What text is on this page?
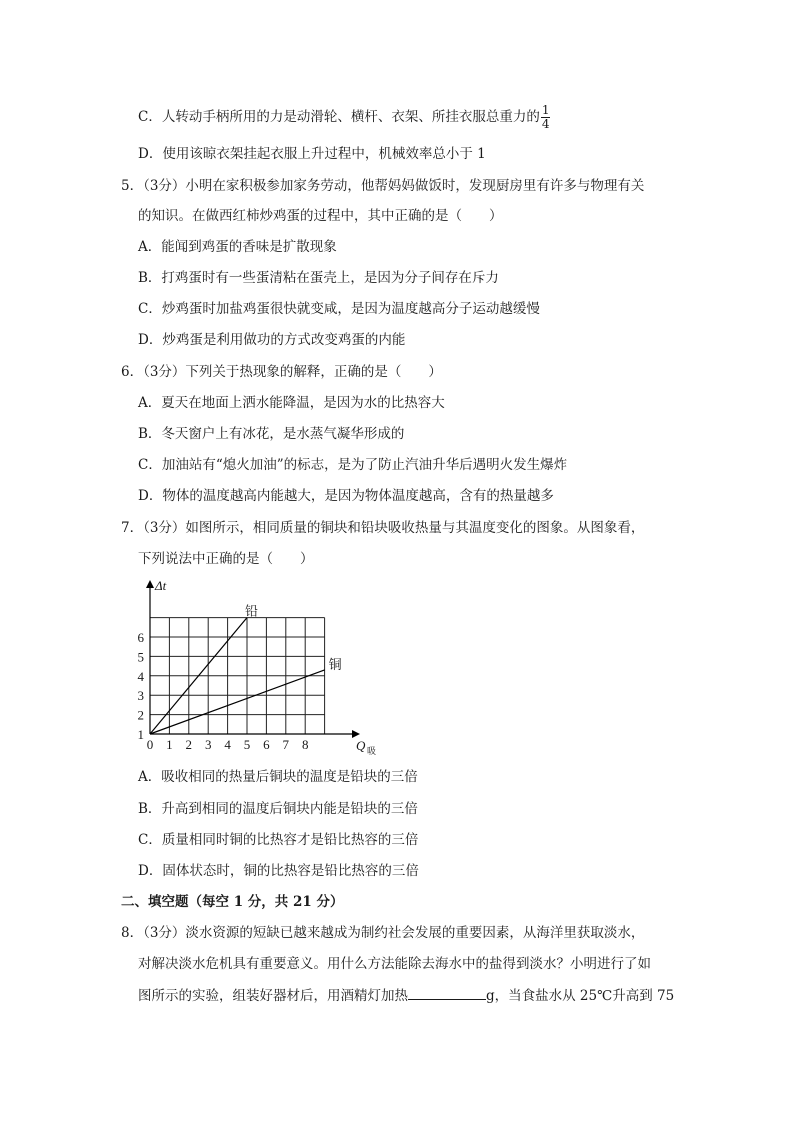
C．人转动手柄所用的力是动滑轮、横杆、衣架、所挂衣服总重力的 $\frac{1}{4}$
D．使用该晾衣架挂起衣服上升过程中，机械效率总小于 1
5．（3分）小明在家积极参加家务劳动，他帮妈妈做饭时，发现厨房里有许多与物理有关
的知识。在做西红柿炒鸡蛋的过程中，其中正确的是（　　）
A．能闻到鸡蛋的香味是扩散现象
B．打鸡蛋时有一些蛋清粘在蛋壳上，是因为分子间存在斥力
C．炒鸡蛋时加盐鸡蛋很快就变咸，是因为温度越高分子运动越缓慢
D．炒鸡蛋是利用做功的方式改变鸡蛋的内能
6．（3分）下列关于热现象的解释，正确的是（　　）
A．夏天在地面上洒水能降温，是因为水的比热容大
B．冬天窗户上有冰花，是水蒸气凝华形成的
C．加油站有“熄火加油”的标志，是为了防止汽油升华后遇明火发生爆炸
D．物体的温度越高内能越大，是因为物体温度越高，含有的热量越多
7．（3分）如图所示，相同质量的铜块和铅块吸收热量与其温度变化的图象。从图象看，
下列说法中正确的是（　　）
0 1 2 3 4 5 6 7 8
1
2
3
4
5
6
Δt
Q 吸
铅
铜
A．吸收相同的热量后铜块的温度是铅块的三倍
B．升高到相同的温度后铜块内能是铅块的三倍
C．质量相同时铜的比热容才是铅比热容的三倍
D．固体状态时，铜的比热容是铅比热容的三倍
二、填空题（每空 1 分，共 21 分）
8．（3分）淡水资源的短缺已越来越成为制约社会发展的重要因素，从海洋里获取淡水，
对解决淡水危机具有重要意义。用什么方法能除去海水中的盐得到淡水？小明进行了如
图所示的实验，组装好器材后，用酒精灯加热	g，当食盐水从 25℃升高到 75
